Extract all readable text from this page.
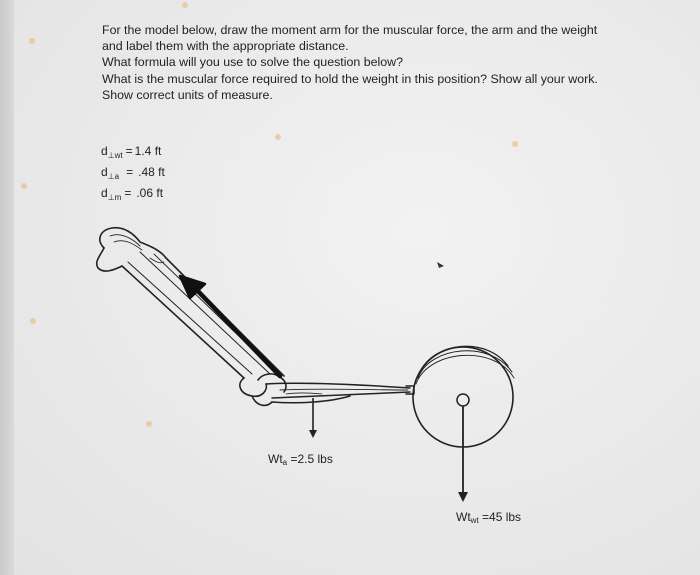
For the model below, draw the moment arm for the muscular force, the arm and the weight
and label them with the appropriate distance.
What formula will you use to solve the question below?
What is the muscular force required to hold the weight in this position? Show all your work.
Show correct units of measure.
$d_{\perp wt} = 1.4$ ft
$d_{\perp a} = .48$ ft
$d_{\perp m} = .06$ ft
$Wt_a =2.5$ lbs
$Wt_{wt} =45$ lbs
